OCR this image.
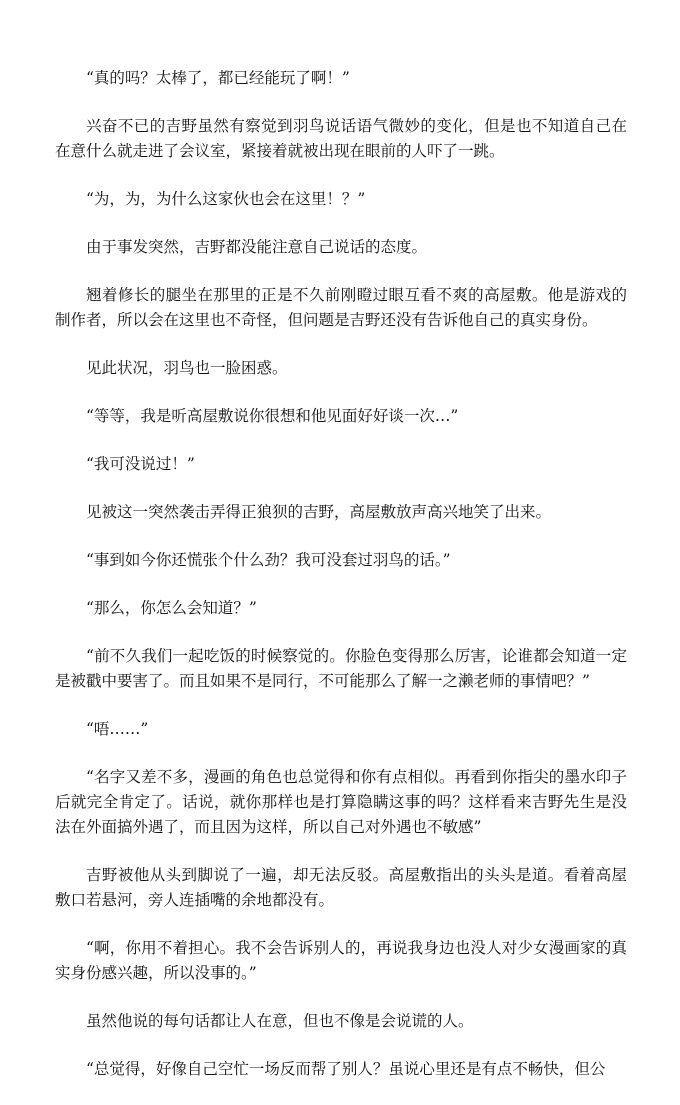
“真的吗？太棒了，都已经能玩了啊！”

兴奋不已的吉野虽然有察觉到羽鸟说话语气微妙的变化，但是也不知道自己在在意什么就走进了会议室，紧接着就被出现在眼前的人吓了一跳。

“为，为，为什么这家伙也会在这里！？”

由于事发突然，吉野都没能注意自己说话的态度。

翘着修长的腿坐在那里的正是不久前刚瞪过眼互看不爽的高屋敷。他是游戏的制作者，所以会在这里也不奇怪，但问题是吉野还没有告诉他自己的真实身份。

见此状况，羽鸟也一脸困惑。

“等等，我是听高屋敷说你很想和他见面好好谈一次…”

“我可没说过！”

见被这一突然袭击弄得正狼狈的吉野，高屋敷放声高兴地笑了出来。

“事到如今你还慌张个什么劲？我可没套过羽鸟的话。”

“那么，你怎么会知道？”

“前不久我们一起吃饭的时候察觉的。你脸色变得那么厉害，论谁都会知道一定是被戳中要害了。而且如果不是同行，不可能那么了解一之濑老师的事情吧？”

“唔……”

“名字又差不多，漫画的角色也总觉得和你有点相似。再看到你指尖的墨水印子后就完全肯定了。话说，就你那样也是打算隐瞒这事的吗？这样看来吉野先生是没法在外面搞外遇了，而且因为这样，所以自己对外遇也不敏感”

吉野被他从头到脚说了一遍，却无法反驳。高屋敷指出的头头是道。看着高屋敷口若悬河，旁人连插嘴的余地都没有。

“啊，你用不着担心。我不会告诉别人的，再说我身边也没人对少女漫画家的真实身份感兴趣，所以没事的。”

虽然他说的每句话都让人在意，但也不像是会说谎的人。

“总觉得，好像自己空忙一场反而帮了别人？虽说心里还是有点不畅快，但公
